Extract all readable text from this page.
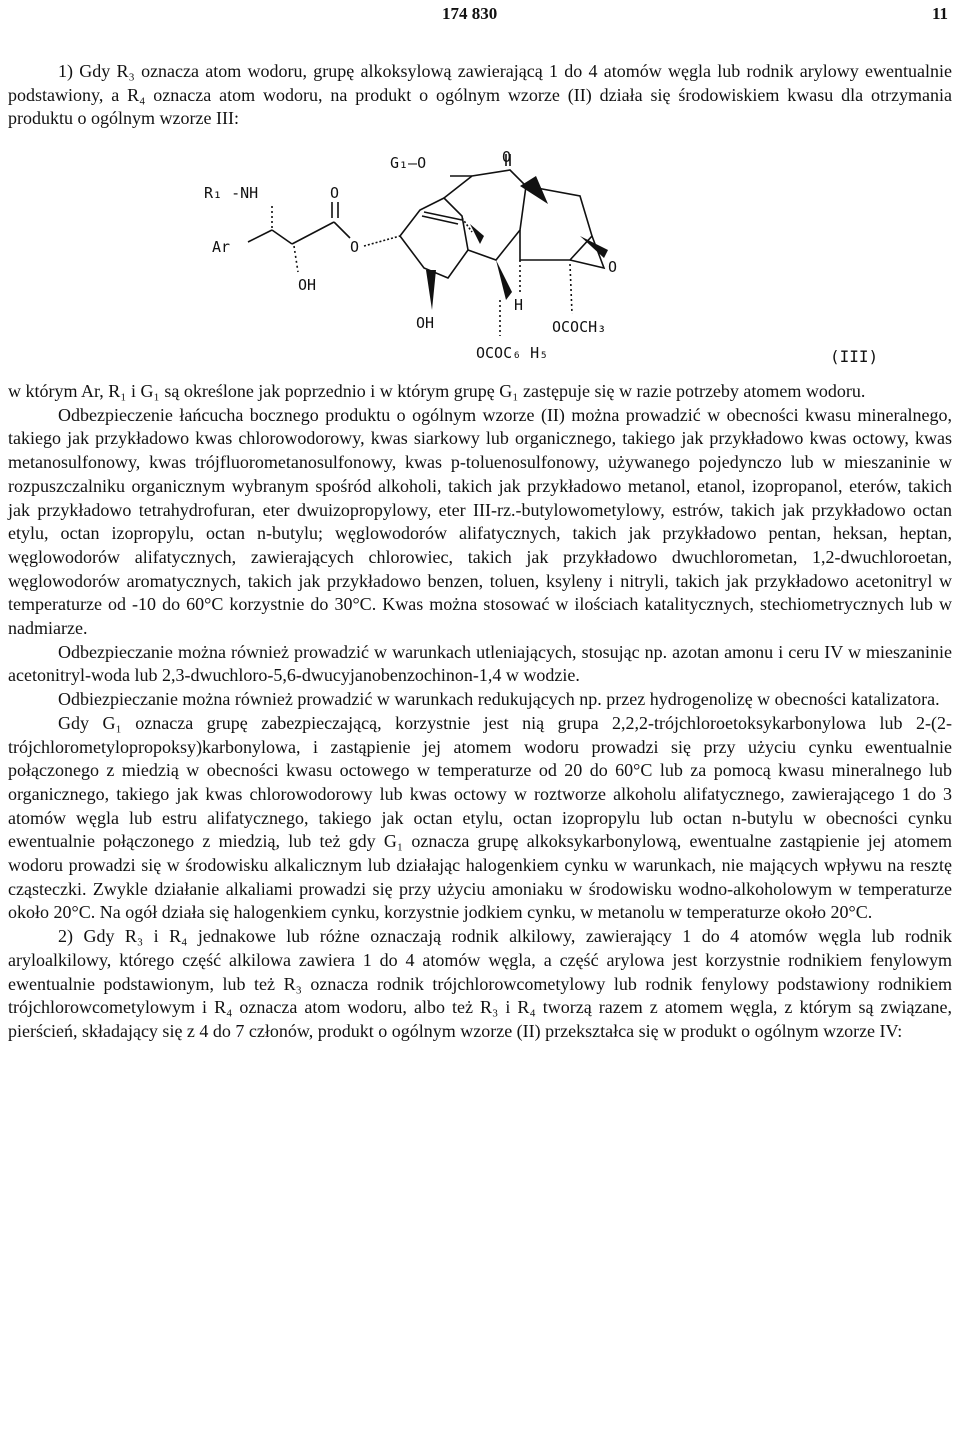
174 830	11

1) Gdy R₃ oznacza atom wodoru, grupę alkoksylową zawierającą 1 do 4 atomów węgla lub rodnik arylowy ewentualnie podstawiony, a R₄ oznacza atom wodoru, na produkt o ogólnym wzorze (II) działa się środowiskiem kwasu dla otrzymania produktu o ogólnym wzorze III:

R₁ -NH	O
Ar
OH
O
G₁–O	O
O
OH
H
OCOCH₃
OCOC₆ H₅	(III)

w którym Ar, R₁ i G₁ są określone jak poprzednio i w którym grupę G₁ zastępuje się w razie potrzeby atomem wodoru.

Odbezpieczenie łańcucha bocznego produktu o ogólnym wzorze (II) można prowadzić w obecności kwasu mineralnego, takiego jak przykładowo kwas chlorowodorowy, kwas siarkowy lub organicznego, takiego jak przykładowo kwas octowy, kwas metanosulfonowy, kwas trójfluorometanosulfonowy, kwas p-toluenosulfonowy, używanego pojedynczo lub w mieszaninie w rozpuszczalniku organicznym wybranym spośród alkoholi, takich jak przykładowo metanol, etanol, izopropanol, eterów, takich jak przykładowo tetrahydrofuran, eter dwuizopropylowy, eter III-rz.-butylowometylowy, estrów, takich jak przykładowo octan etylu, octan izopropylu, octan n-butylu; węglowodorów alifatycznych, takich jak przykładowo pentan, heksan, heptan, węglowodorów alifatycznych, zawierających chlorowiec, takich jak przykładowo dwuchlorometan, 1,2-dwuchloroetan, węglowodorów aromatycznych, takich jak przykładowo benzen, toluen, ksyleny i nitryli, takich jak przykładowo acetonitryl w temperaturze od -10 do 60°C korzystnie do 30°C. Kwas można stosować w ilościach katalitycznych, stechiometrycznych lub w nadmiarze.

Odbezpieczanie można również prowadzić w warunkach utleniających, stosując np. azotan amonu i ceru IV w mieszaninie acetonitryl-woda lub 2,3-dwuchloro-5,6-dwucyjanobenzochinon-1,4 w wodzie.

Odbiezpieczanie można również prowadzić w warunkach redukujących np. przez hydrogenolizę w obecności katalizatora.

Gdy G₁ oznacza grupę zabezpieczającą, korzystnie jest nią grupa 2,2,2-trójchloroetoksykarbonylowa lub 2-(2-trójchlorometylopropoksy)karbonylowa, i zastąpienie jej atomem wodoru prowadzi się przy użyciu cynku ewentualnie połączonego z miedzią w obecności kwasu octowego w temperaturze od 20 do 60°C lub za pomocą kwasu mineralnego lub organicznego, takiego jak kwas chlorowodorowy lub kwas octowy w roztworze alkoholu alifatycznego, zawierającego 1 do 3 atomów węgla lub estru alifatycznego, takiego jak octan etylu, octan izopropylu lub octan n-butylu w obecności cynku ewentualnie połączonego z miedzią, lub też gdy G₁ oznacza grupę alkoksykarbonylową, ewentualne zastąpienie jej atomem wodoru prowadzi się w środowisku alkalicznym lub działając halogenkiem cynku w warunkach, nie mających wpływu na resztę cząsteczki. Zwykle działanie alkaliami prowadzi się przy użyciu amoniaku w środowisku wodno-alkoholowym w temperaturze około 20°C. Na ogół działa się halogenkiem cynku, korzystnie jodkiem cynku, w metanolu w temperaturze około 20°C.

2) Gdy R₃ i R₄ jednakowe lub różne oznaczają rodnik alkilowy, zawierający 1 do 4 atomów węgla lub rodnik aryloalkilowy, którego część alkilowa zawiera 1 do 4 atomów węgla, a część arylowa jest korzystnie rodnikiem fenylowym ewentualnie podstawionym, lub też R₃ oznacza rodnik trójchlorowcometylowy lub rodnik fenylowy podstawiony rodnikiem trójchlorowcometylowym i R₄ oznacza atom wodoru, albo też R₃ i R₄ tworzą razem z atomem węgla, z którym są związane, pierścień, składający się z 4 do 7 członów, produkt o ogólnym wzorze (II) przekształca się w produkt o ogólnym wzorze IV:
